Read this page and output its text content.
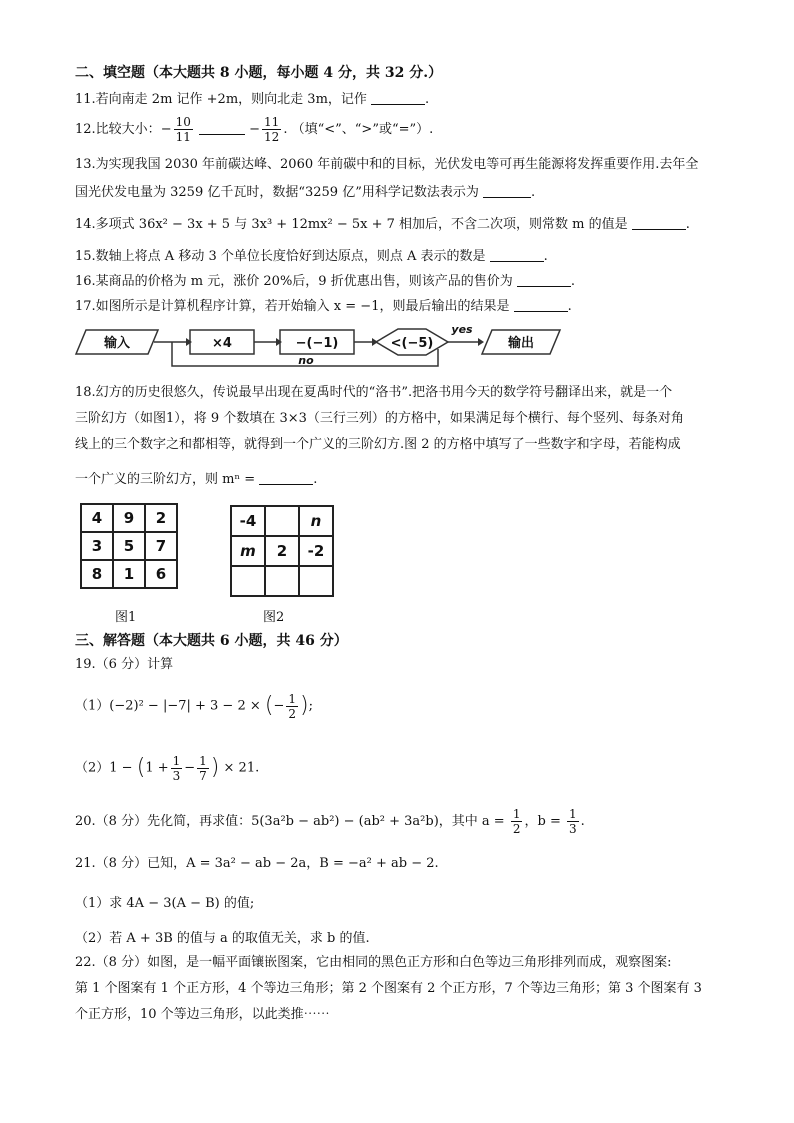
二、填空题（本大题共 8 小题，每小题 4 分，共 32 分.）
11.若向南走 2m 记作 +2m，则向北走 3m，记作	.
12.比较大小：− $\frac{10}{11}$	− $\frac{11}{12}$ . （填“<”、“>”或“=”）.
13.为实现我国 2030 年前碳达峰、2060 年前碳中和的目标，光伏发电等可再生能源将发挥重要作用.去年全
国光伏发电量为 3259 亿千瓦时，数据“3259 亿”用科学记数法表示为	.
14.多项式 36x² − 3x + 5 与 3x³ + 12mx² − 5x + 7 相加后，不含二次项，则常数 m 的值是	.
15.数轴上将点 A 移动 3 个单位长度恰好到达原点，则点 A 表示的数是	.
16.某商品的价格为 m 元，涨价 20%后，9 折优惠出售，则该产品的售价为	.
17.如图所示是计算机程序计算，若开始输入 x = −1，则最后输出的结果是	.
输入	×4	−(−1)	<(−5)	输出
yes
no
18.幻方的历史很悠久，传说最早出现在夏禹时代的“洛书”.把洛书用今天的数学符号翻译出来，就是一个
三阶幻方（如图1），将 9 个数填在 3×3（三行三列）的方格中，如果满足每个横行、每个竖列、每条对角
线上的三个数字之和都相等，就得到一个广义的三阶幻方.图 2 的方格中填写了一些数字和字母，若能构成
一个广义的三阶幻方，则 mⁿ =	.
4	9	2
3	5	7
8	1	6
-4		n
m	2	-2

图1	图2
三、解答题（本大题共 6 小题，共 46 分）
19.（6 分）计算
（1）(−2)² − |−7| + 3 − 2 × (− $\frac{1}{2}$ );
$(2)1 - (1 + \frac{1}{3} - \frac{1}{7}$ ) × 21.
20.（8 分）先化简，再求值：5(3a²b − ab²) − (ab² + 3a²b)，其中 $a = \frac{1}{2}$ ，$b = \frac{1}{3}$ .
21.（8 分）已知，A = 3a² − ab − 2a，B = −a² + ab − 2.
（1）求 4A − 3(A − B) 的值;
（2）若 A + 3B 的值与 a 的取值无关，求 b 的值.
22.（8 分）如图，是一幅平面镶嵌图案，它由相同的黑色正方形和白色等边三角形排列而成，观察图案:
第 1 个图案有 1 个正方形，4 个等边三角形；第 2 个图案有 2 个正方形，7 个等边三角形；第 3 个图案有 3
个正方形，10 个等边三角形，以此类推⋯⋯
